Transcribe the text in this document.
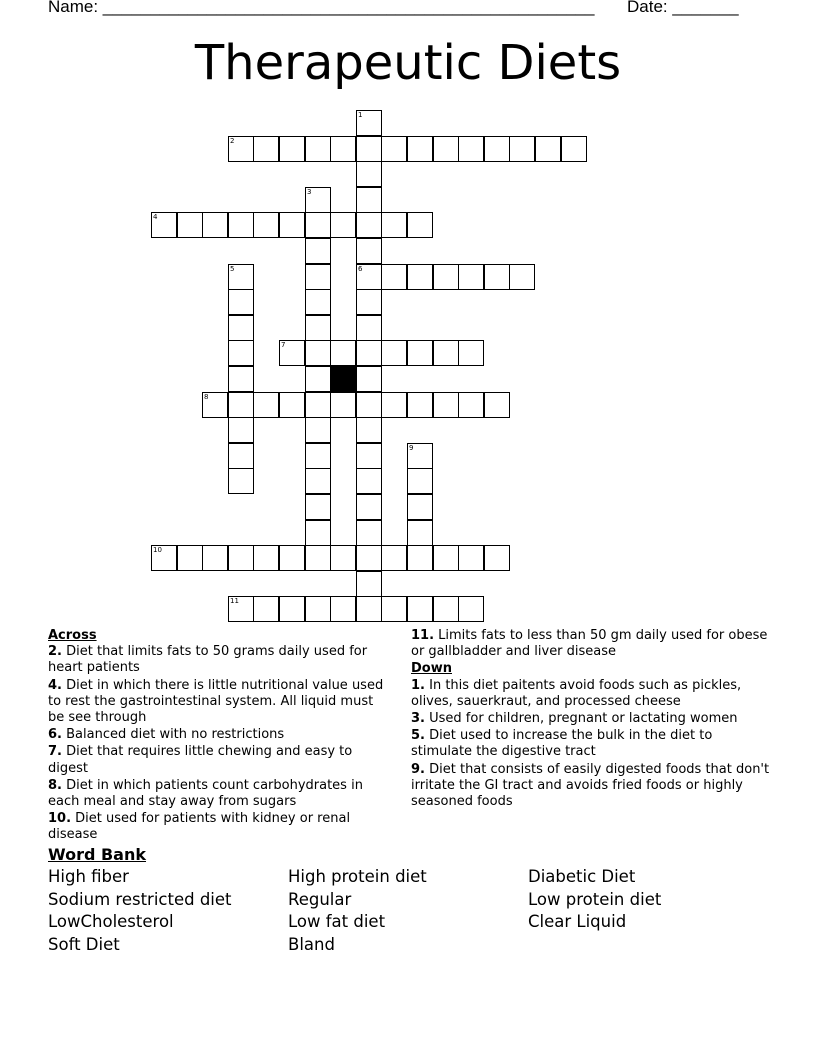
Name: ____________________________________________________ Date: _______
Therapeutic Diets
1
6
2
3
4
5
7
8
9
10
11
Across
2. Diet that limits fats to 50 grams daily used for heart patients
4. Diet in which there is little nutritional value used to rest the gastrointestinal system. All liquid must be see through
6. Balanced diet with no restrictions
7. Diet that requires little chewing and easy to digest
8. Diet in which patients count carbohydrates in each meal and stay away from sugars
10. Diet used for patients with kidney or renal disease
11. Limits fats to less than 50 gm daily used for obese or gallbladder and liver disease
Down
1. In this diet paitents avoid foods such as pickles, olives, sauerkraut, and processed cheese
3. Used for children, pregnant or lactating women
5. Diet used to increase the bulk in the diet to stimulate the digestive tract
9. Diet that consists of easily digested foods that don't irritate the GI tract and avoids fried foods or highly seasoned foods
Word Bank
High fiber	High protein diet	Diabetic Diet
Sodium restricted diet	Regular	Low protein diet
LowCholesterol	Low fat diet	Clear Liquid
Soft Diet	Bland
